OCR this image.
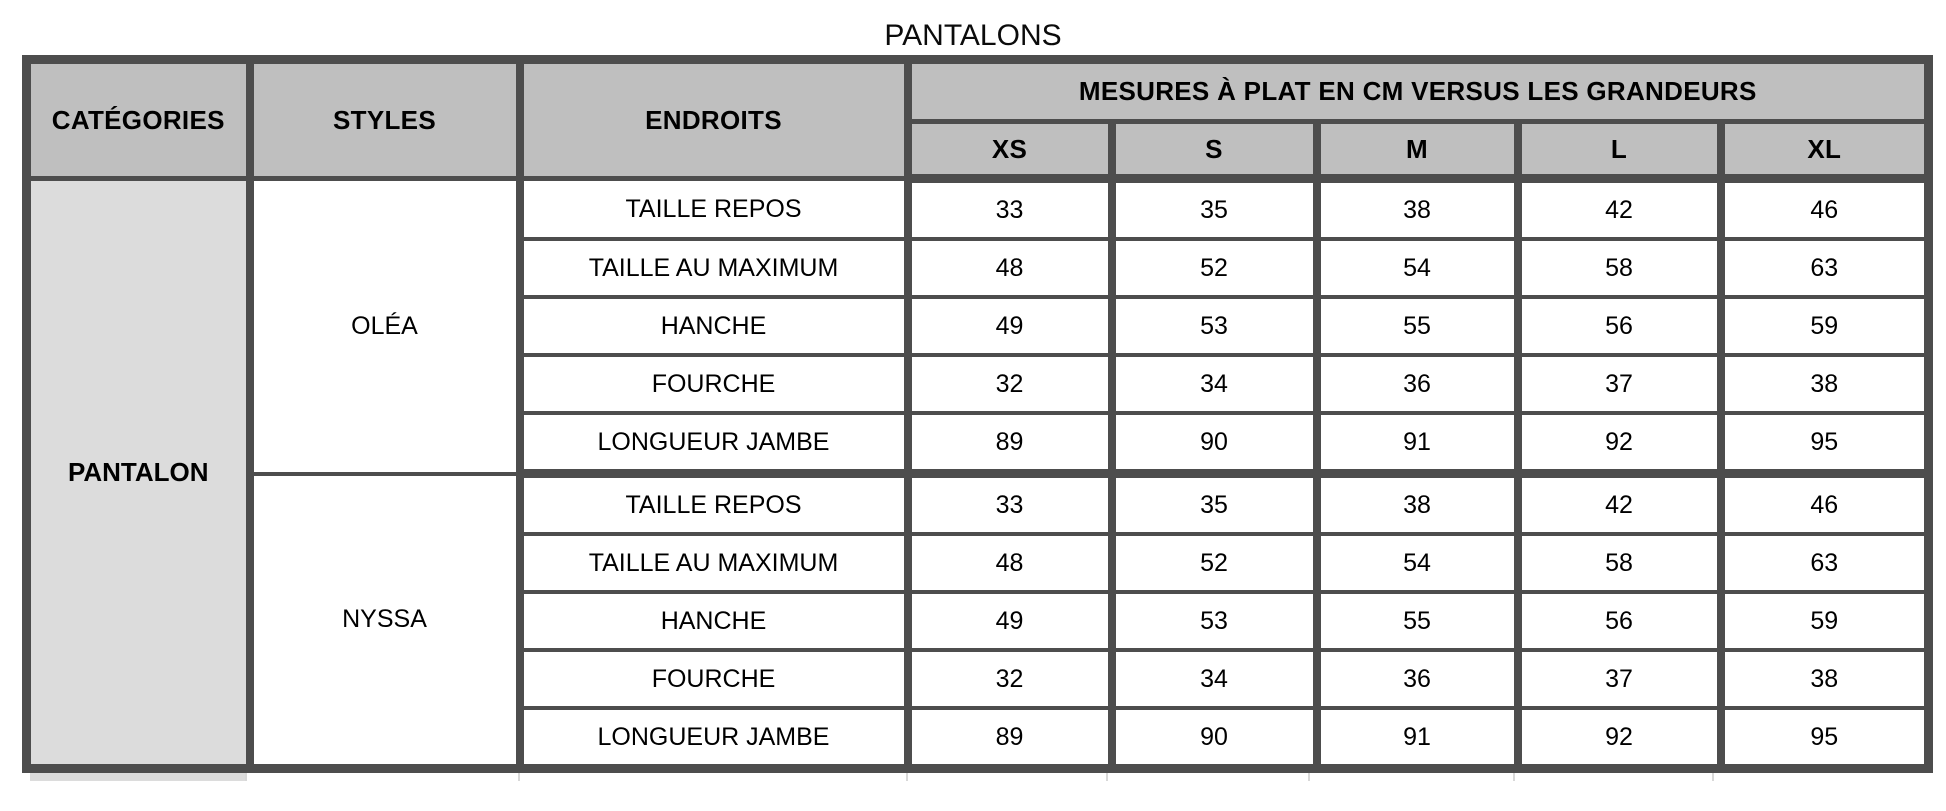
PANTALONS
CATÉGORIES	STYLES	ENDROITS	MESURES À PLAT EN CM VERSUS LES GRANDEURS				
			XS	S	M	L	XL
PANTALON	OLÉA	TAILLE REPOS	33	35	38	42	46
		TAILLE AU MAXIMUM	48	52	54	58	63
		HANCHE	49	53	55	56	59
		FOURCHE	32	34	36	37	38
		LONGUEUR JAMBE	89	90	91	92	95
	NYSSA	TAILLE REPOS	33	35	38	42	46
		TAILLE AU MAXIMUM	48	52	54	58	63
		HANCHE	49	53	55	56	59
		FOURCHE	32	34	36	37	38
		LONGUEUR JAMBE	89	90	91	92	95
